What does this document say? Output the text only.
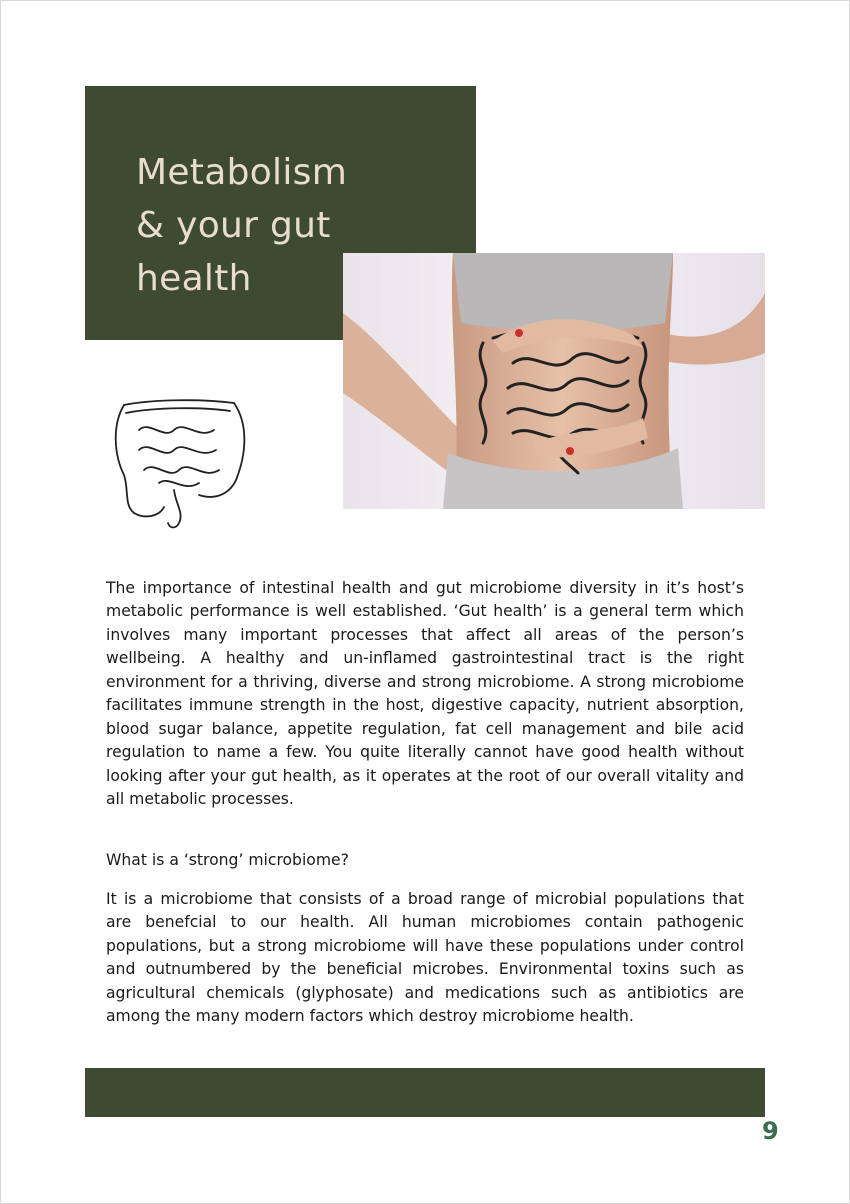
Metabolism
& your gut
health

The importance of intestinal health and gut microbiome diversity in it’s host’s metabolic performance is well established. ‘Gut health’ is a general term which involves many important processes that affect all areas of the person’s wellbeing. A healthy and un-inflamed gastrointestinal tract is the right environment for a thriving, diverse and strong microbiome. A strong microbiome facilitates immune strength in the host, digestive capacity, nutrient absorption, blood sugar balance, appetite regulation, fat cell management and bile acid regulation to name a few. You quite literally cannot have good health without looking after your gut health, as it operates at the root of our overall vitality and all metabolic processes.

What is a ‘strong’ microbiome?

It is a microbiome that consists of a broad range of microbial populations that are benefcial to our health. All human microbiomes contain pathogenic populations, but a strong microbiome will have these populations under control and outnumbered by the beneficial microbes. Environmental toxins such as agricultural chemicals (glyphosate) and medications such as antibiotics are among the many modern factors which destroy microbiome health.

9
